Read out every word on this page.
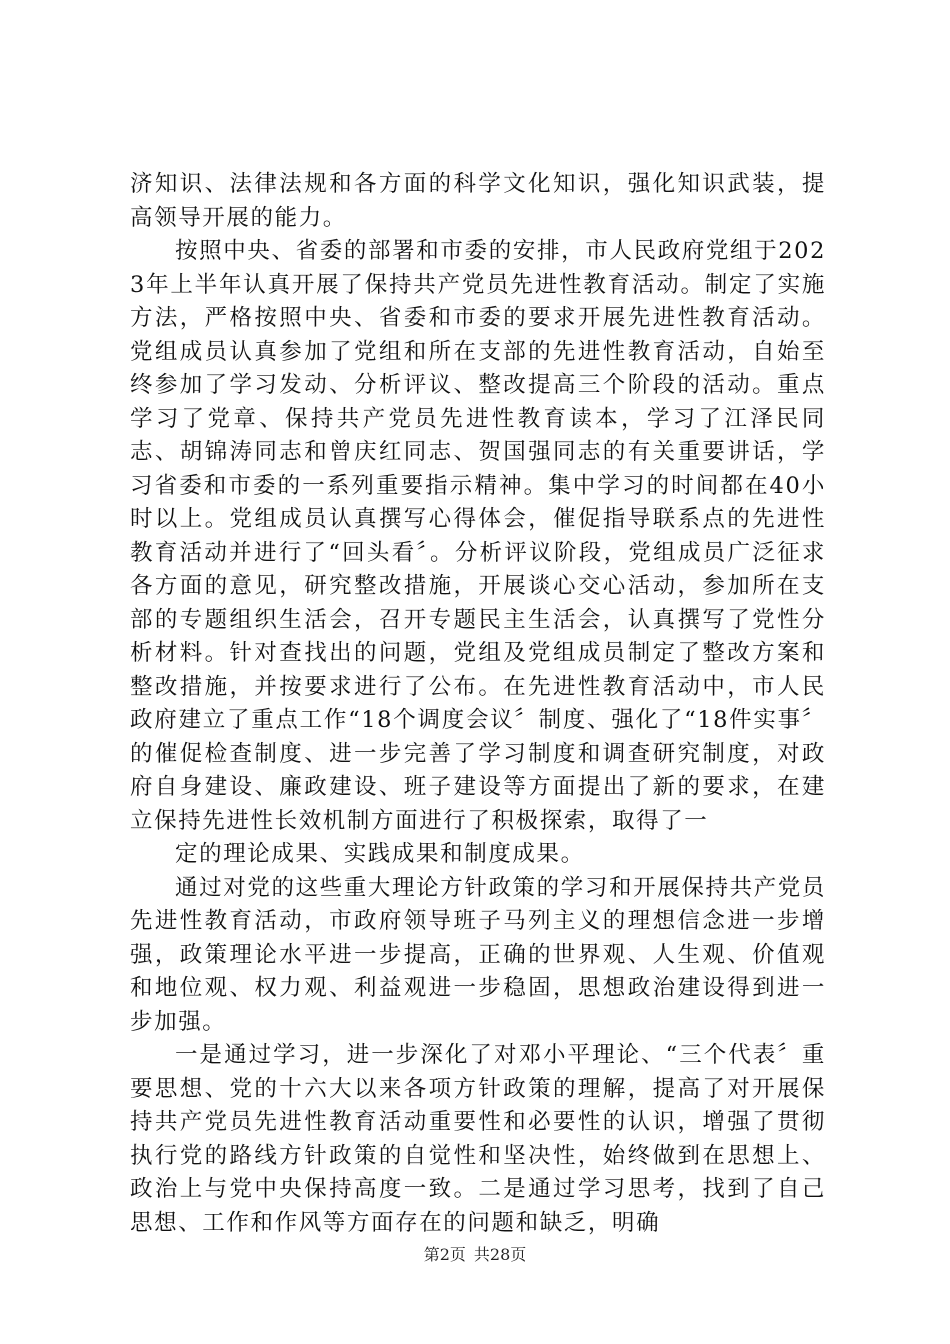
济知识、法律法规和各方面的科学文化知识，强化知识武装，提高领导开展的能力。

按照中央、省委的部署和市委的安排，市人民政府党组于2023年上半年认真开展了保持共产党员先进性教育活动。制定了实施方法，严格按照中央、省委和市委的要求开展先进性教育活动。党组成员认真参加了党组和所在支部的先进性教育活动，自始至终参加了学习发动、分析评议、整改提高三个阶段的活动。重点学习了党章、保持共产党员先进性教育读本，学习了江泽民同志、胡锦涛同志和曾庆红同志、贺国强同志的有关重要讲话，学习省委和市委的一系列重要指示精神。集中学习的时间都在40小时以上。党组成员认真撰写心得体会，催促指导联系点的先进性教育活动并进行了“回头看〞。分析评议阶段，党组成员广泛征求各方面的意见，研究整改措施，开展谈心交心活动，参加所在支部的专题组织生活会，召开专题民主生活会，认真撰写了党性分析材料。针对查找出的问题，党组及党组成员制定了整改方案和整改措施，并按要求进行了公布。在先进性教育活动中，市人民政府建立了重点工作“18个调度会议〞制度、强化了“18件实事〞的催促检查制度、进一步完善了学习制度和调查研究制度，对政府自身建设、廉政建设、班子建设等方面提出了新的要求，在建立保持先进性长效机制方面进行了积极探索，取得了一

定的理论成果、实践成果和制度成果。

通过对党的这些重大理论方针政策的学习和开展保持共产党员先进性教育活动，市政府领导班子马列主义的理想信念进一步增强，政策理论水平进一步提高，正确的世界观、人生观、价值观和地位观、权力观、利益观进一步稳固，思想政治建设得到进一步加强。

一是通过学习，进一步深化了对邓小平理论、“三个代表〞重要思想、党的十六大以来各项方针政策的理解，提高了对开展保持共产党员先进性教育活动重要性和必要性的认识，增强了贯彻执行党的路线方针政策的自觉性和坚决性，始终做到在思想上、政治上与党中央保持高度一致。二是通过学习思考，找到了自己思想、工作和作风等方面存在的问题和缺乏，明确

第2页 共28页
